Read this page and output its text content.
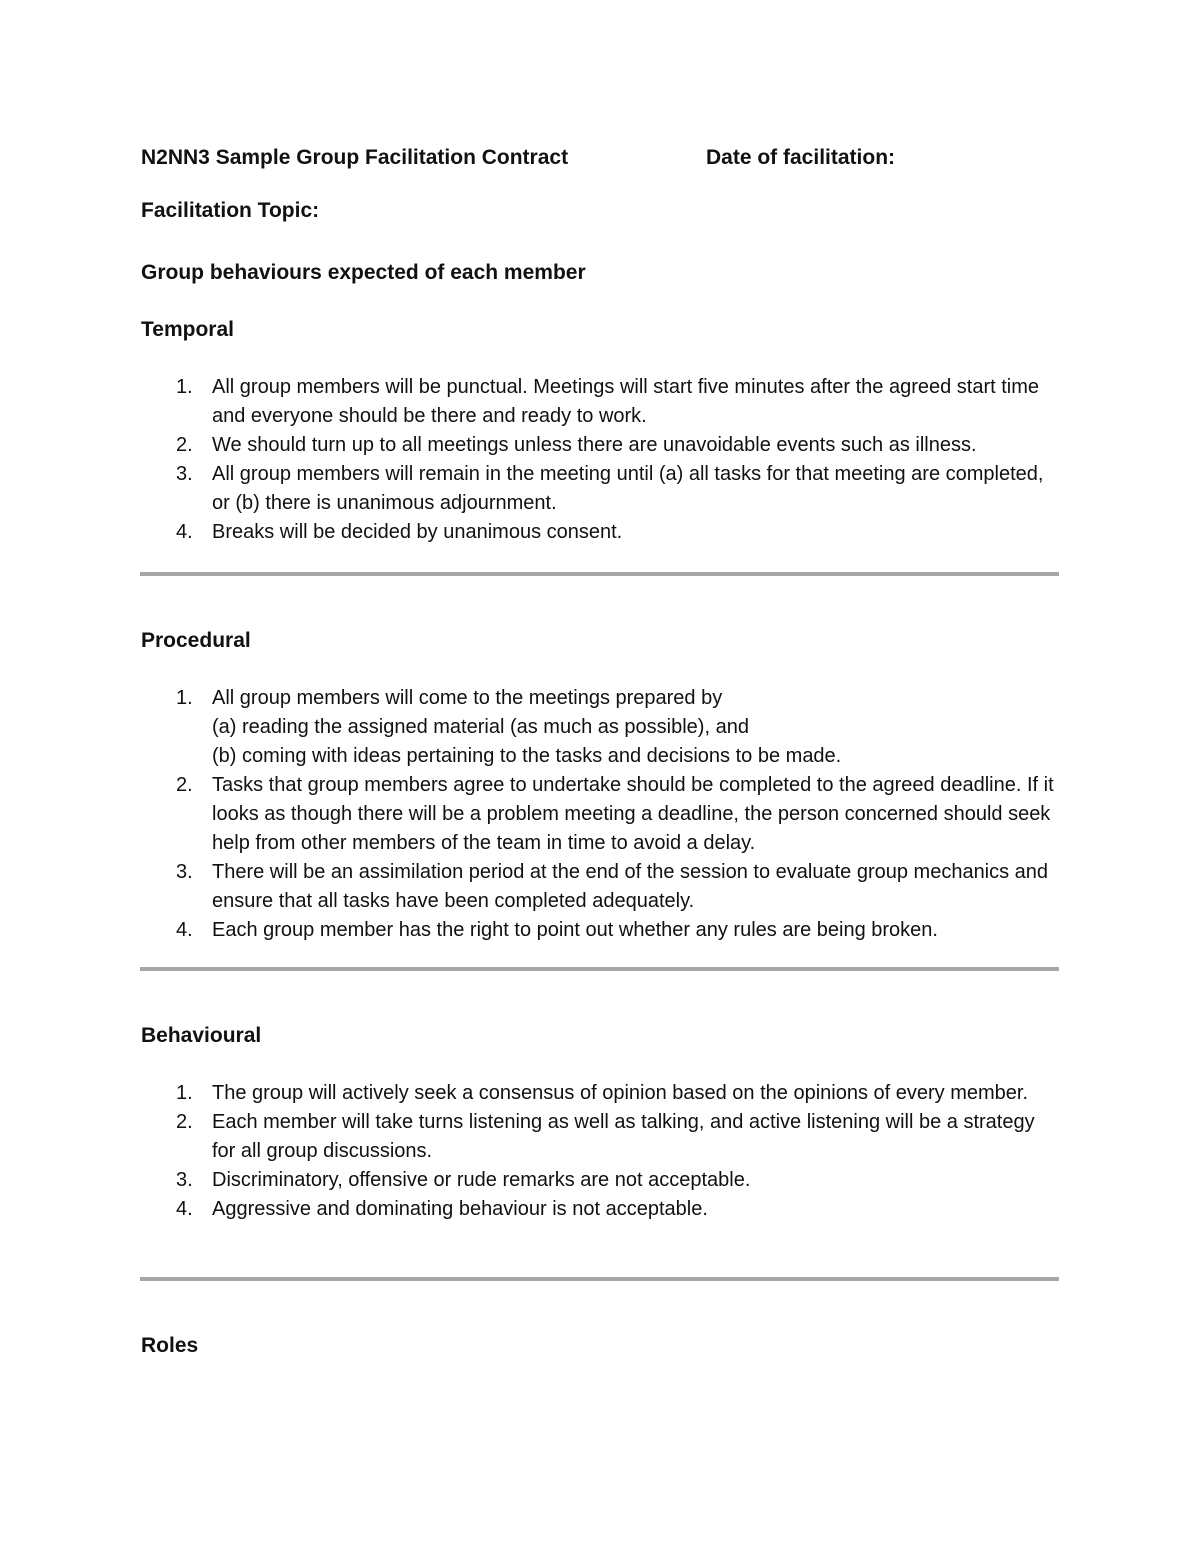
N2NN3 Sample Group Facilitation Contract	Date of facilitation:

Facilitation Topic:

Group behaviours expected of each member

Temporal

1. All group members will be punctual. Meetings will start five minutes after the agreed start time and everyone should be there and ready to work.
2. We should turn up to all meetings unless there are unavoidable events such as illness.
3. All group members will remain in the meeting until (a) all tasks for that meeting are completed, or (b) there is unanimous adjournment.
4. Breaks will be decided by unanimous consent.

Procedural

1. All group members will come to the meetings prepared by
(a) reading the assigned material (as much as possible), and
(b) coming with ideas pertaining to the tasks and decisions to be made.
2. Tasks that group members agree to undertake should be completed to the agreed deadline. If it looks as though there will be a problem meeting a deadline, the person concerned should seek help from other members of the team in time to avoid a delay.
3. There will be an assimilation period at the end of the session to evaluate group mechanics and ensure that all tasks have been completed adequately.
4. Each group member has the right to point out whether any rules are being broken.

Behavioural

1. The group will actively seek a consensus of opinion based on the opinions of every member.
2. Each member will take turns listening as well as talking, and active listening will be a strategy for all group discussions.
3. Discriminatory, offensive or rude remarks are not acceptable.
4. Aggressive and dominating behaviour is not acceptable.

Roles
